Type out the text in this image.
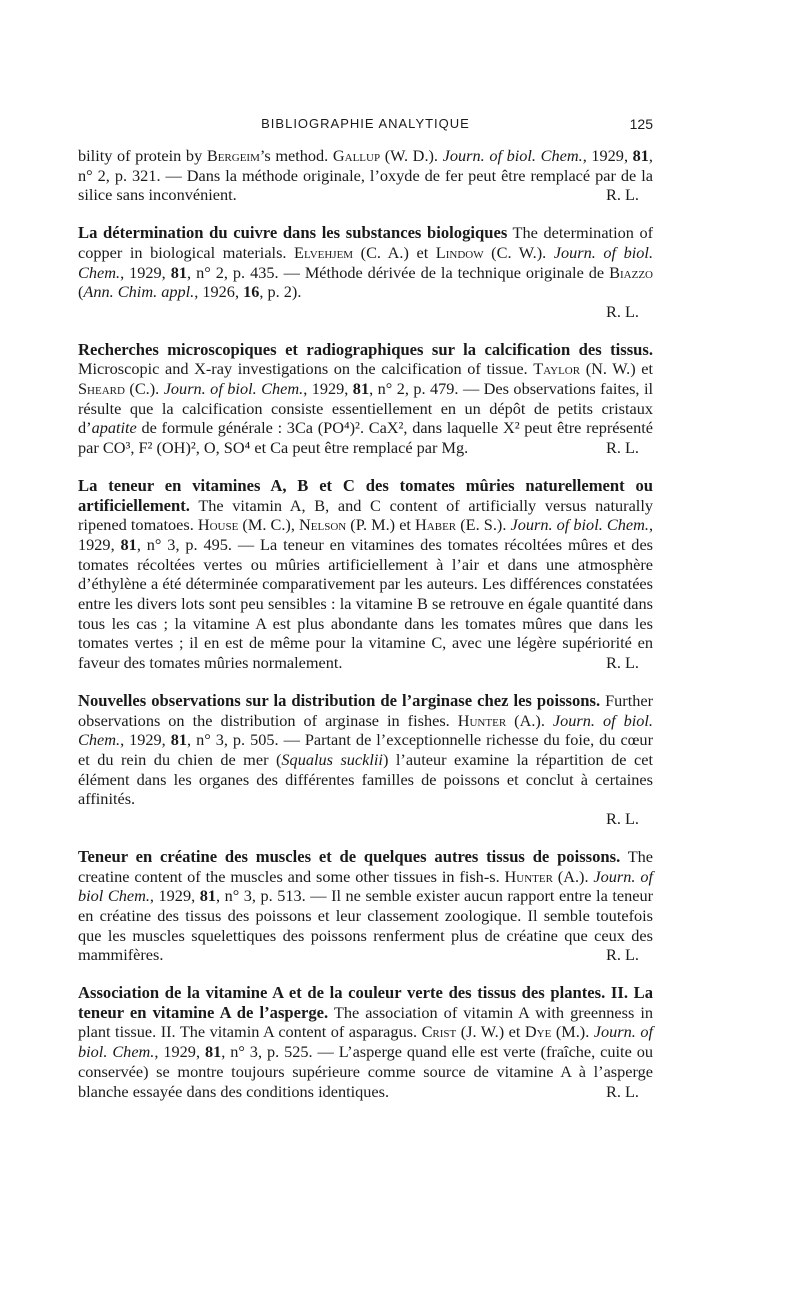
BIBLIOGRAPHIE ANALYTIQUE	125

bility of protein by Bergeim’s method. Gallup (W. D.). Journ. of biol. Chem., 1929, 81, n° 2, p. 321. — Dans la méthode originale, l’oxyde de fer peut être remplacé par de la silice sans inconvénient.	R. L.

La détermination du cuivre dans les substances biologiques The determination of copper in biological materials. Elvehjem (C. A.) et Lindow (C. W.). Journ. of biol. Chem., 1929, 81, n° 2, p. 435. — Méthode dérivée de la technique originale de Biazzo (Ann. Chim. appl., 1926, 16, p. 2).
R. L.

Recherches microscopiques et radiographiques sur la calcification des tissus. Microscopic and X-ray investigations on the calcification of tissue. Taylor (N. W.) et Sheard (C.). Journ. of biol. Chem., 1929, 81, n° 2, p. 479. — Des observations faites, il résulte que la calcification consiste essentiellement en un dépôt de petits cristaux d’apatite de formule générale : 3Ca (PO⁴)². CaX², dans laquelle X² peut être représenté par CO³, F² (OH)², O, SO⁴ et Ca peut être remplacé par Mg.	R. L.

La teneur en vitamines A, B et C des tomates mûries naturellement ou artificiellement. The vitamin A, B, and C content of artificially versus naturally ripened tomatoes. House (M. C.), Nelson (P. M.) et Haber (E. S.). Journ. of biol. Chem., 1929, 81, n° 3, p. 495. — La teneur en vitamines des tomates récoltées mûres et des tomates récoltées vertes ou mûries artificiellement à l’air et dans une atmosphère d’éthylène a été déterminée comparativement par les auteurs. Les différences constatées entre les divers lots sont peu sensibles : la vitamine B se retrouve en égale quantité dans tous les cas ; la vitamine A est plus abondante dans les tomates mûres que dans les tomates vertes ; il en est de même pour la vitamine C, avec une légère supériorité en faveur des tomates mûries normalement.	R. L.

Nouvelles observations sur la distribution de l’arginase chez les poissons. Further observations on the distribution of arginase in fishes. Hunter (A.). Journ. of biol. Chem., 1929, 81, n° 3, p. 505. — Partant de l’exceptionnelle richesse du foie, du cœur et du rein du chien de mer (Squalus sucklii) l’auteur examine la répartition de cet élément dans les organes des différentes familles de poissons et conclut à certaines affinités.
R. L.

Teneur en créatine des muscles et de quelques autres tissus de poissons. The creatine content of the muscles and some other tissues in fish-s. Hunter (A.). Journ. of biol Chem., 1929, 81, n° 3, p. 513. — Il ne semble exister aucun rapport entre la teneur en créatine des tissus des poissons et leur classement zoologique. Il semble toutefois que les muscles squelettiques des poissons renferment plus de créatine que ceux des mammifères.	R. L.

Association de la vitamine A et de la couleur verte des tissus des plantes. II. La teneur en vitamine A de l’asperge. The association of vitamin A with greenness in plant tissue. II. The vitamin A content of asparagus. Crist (J. W.) et Dye (M.). Journ. of biol. Chem., 1929, 81, n° 3, p. 525. — L’asperge quand elle est verte (fraîche, cuite ou conservée) se montre toujours supérieure comme source de vitamine A à l’asperge blanche essayée dans des conditions identiques.	R. L.
